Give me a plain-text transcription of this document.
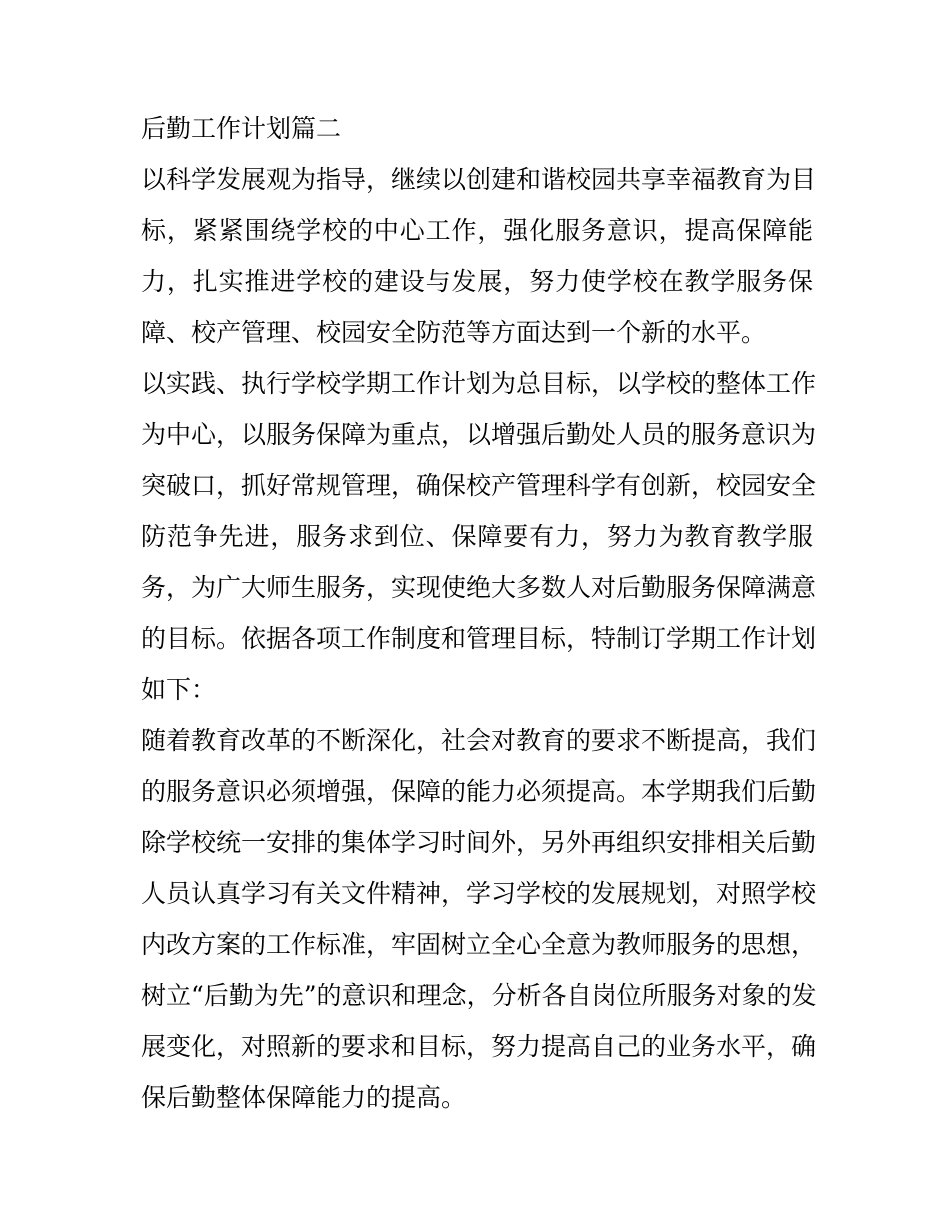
后勤工作计划篇二
以科学发展观为指导，继续以创建和谐校园共享幸福教育为目
标，紧紧围绕学校的中心工作，强化服务意识，提高保障能
力，扎实推进学校的建设与发展，努力使学校在教学服务保
障、校产管理、校园安全防范等方面达到一个新的水平。
以实践、执行学校学期工作计划为总目标，以学校的整体工作
为中心，以服务保障为重点，以增强后勤处人员的服务意识为
突破口，抓好常规管理，确保校产管理科学有创新，校园安全
防范争先进，服务求到位、保障要有力，努力为教育教学服
务，为广大师生服务，实现使绝大多数人对后勤服务保障满意
的目标。依据各项工作制度和管理目标，特制订学期工作计划
如下：
随着教育改革的不断深化，社会对教育的要求不断提高，我们
的服务意识必须增强，保障的能力必须提高。本学期我们后勤
除学校统一安排的集体学习时间外，另外再组织安排相关后勤
人员认真学习有关文件精神，学习学校的发展规划，对照学校
内改方案的工作标准，牢固树立全心全意为教师服务的思想，
树立“后勤为先”的意识和理念，分析各自岗位所服务对象的发
展变化，对照新的要求和目标，努力提高自己的业务水平，确
保后勤整体保障能力的提高。
